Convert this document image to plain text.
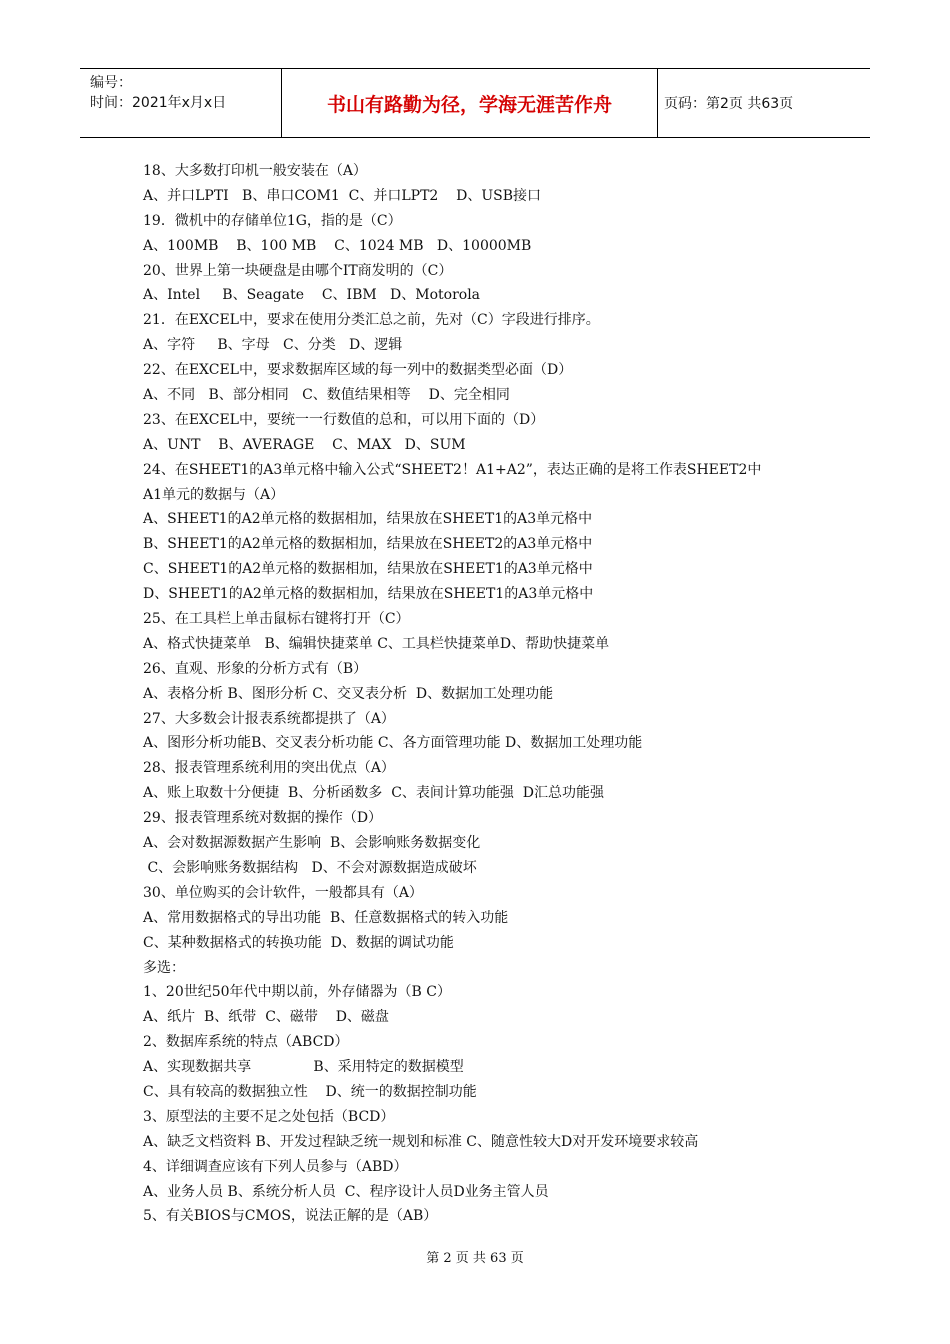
编号：
时间：2021年x月x日	书山有路勤为径，学海无涯苦作舟	页码：第2页 共63页
18、大多数打印机一般安装在（A）
A、并口LPTI   B、串口COM1  C、并口LPT2    D、USB接口
19．微机中的存储单位1G，指的是（C）
A、100MB    B、100 MB    C、1024 MB   D、10000MB
20、世界上第一块硬盘是由哪个IT商发明的（C）
A、Intel     B、Seagate    C、IBM   D、Motorola
21．在EXCEL中，要求在使用分类汇总之前，先对（C）字段进行排序。
A、字符     B、字母   C、分类   D、逻辑
22、在EXCEL中，要求数据库区域的每一列中的数据类型必面（D）
A、不同   B、部分相同   C、数值结果相等    D、完全相同
23、在EXCEL中，要统一一行数值的总和，可以用下面的（D）
A、UNT    B、AVERAGE    C、MAX   D、SUM
24、在SHEET1的A3单元格中输入公式“SHEET2！A1+A2”，表达正确的是将工作表SHEET2中
A1单元的数据与（A）
A、SHEET1的A2单元格的数据相加，结果放在SHEET1的A3单元格中
B、SHEET1的A2单元格的数据相加，结果放在SHEET2的A3单元格中
C、SHEET1的A2单元格的数据相加，结果放在SHEET1的A3单元格中
D、SHEET1的A2单元格的数据相加，结果放在SHEET1的A3单元格中
25、在工具栏上单击鼠标右键将打开（C）
A、格式快捷菜单   B、编辑快捷菜单 C、工具栏快捷菜单D、帮助快捷菜单
26、直观、形象的分析方式有（B）
A、表格分析 B、图形分析 C、交叉表分析  D、数据加工处理功能
27、大多数会计报表系统都提拱了（A）
A、图形分析功能B、交叉表分析功能 C、各方面管理功能 D、数据加工处理功能
28、报表管理系统利用的突出优点（A）
A、账上取数十分便捷  B、分析函数多  C、表间计算功能强  D汇总功能强
29、报表管理系统对数据的操作（D）
A、会对数据源数据产生影响  B、会影响账务数据变化
C、会影响账务数据结构   D、不会对源数据造成破坏
30、单位购买的会计软件，一般都具有（A）
A、常用数据格式的导出功能  B、任意数据格式的转入功能
C、某种数据格式的转换功能  D、数据的调试功能
多选：
1、20世纪50年代中期以前，外存储器为（B C）
A、纸片  B、纸带  C、磁带    D、磁盘
2、数据库系统的特点（ABCD）
A、实现数据共享              B、采用特定的数据模型
C、具有较高的数据独立性    D、统一的数据控制功能
3、原型法的主要不足之处包括（BCD）
A、缺乏文档资料 B、开发过程缺乏统一规划和标准 C、随意性较大D对开发环境要求较高
4、详细调查应该有下列人员参与（ABD）
A、业务人员 B、系统分析人员  C、程序设计人员D业务主管人员
5、有关BIOS与CMOS，说法正解的是（AB）
第 2 页 共 63 页
